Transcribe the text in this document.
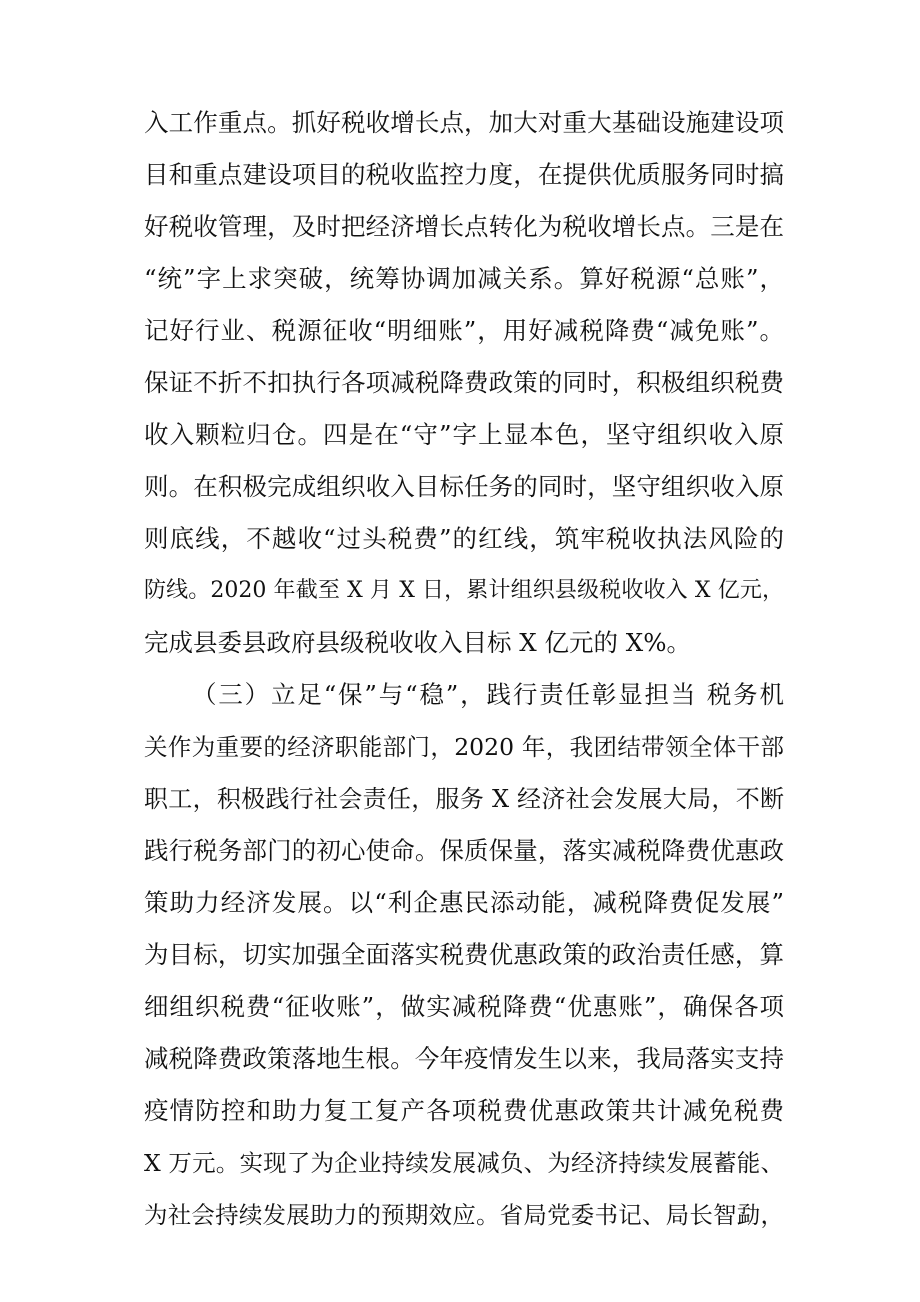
入工作重点。抓好税收增长点，加大对重大基础设施建设项
目和重点建设项目的税收监控力度，在提供优质服务同时搞
好税收管理，及时把经济增长点转化为税收增长点。三是在
“统”字上求突破，统筹协调加减关系。算好税源“总账”，
记好行业、税源征收“明细账”，用好减税降费“减免账”。
保证不折不扣执行各项减税降费政策的同时，积极组织税费
收入颗粒归仓。四是在“守”字上显本色，坚守组织收入原
则。在积极完成组织收入目标任务的同时，坚守组织收入原
则底线，不越收“过头税费”的红线，筑牢税收执法风险的
防线。2020 年截至 X 月 X 日，累计组织县级税收收入 X 亿元，
完成县委县政府县级税收收入目标 X 亿元的 X%。
（三）立足“保”与“稳”，践行责任彰显担当 税务机
关作为重要的经济职能部门，2020 年，我团结带领全体干部
职工，积极践行社会责任，服务 X 经济社会发展大局，不断
践行税务部门的初心使命。保质保量，落实减税降费优惠政
策助力经济发展。以“利企惠民添动能，减税降费促发展”
为目标，切实加强全面落实税费优惠政策的政治责任感，算
细组织税费“征收账”，做实减税降费“优惠账”，确保各项
减税降费政策落地生根。今年疫情发生以来，我局落实支持
疫情防控和助力复工复产各项税费优惠政策共计减免税费
X 万元。实现了为企业持续发展减负、为经济持续发展蓄能、
为社会持续发展助力的预期效应。省局党委书记、局长智勐，
